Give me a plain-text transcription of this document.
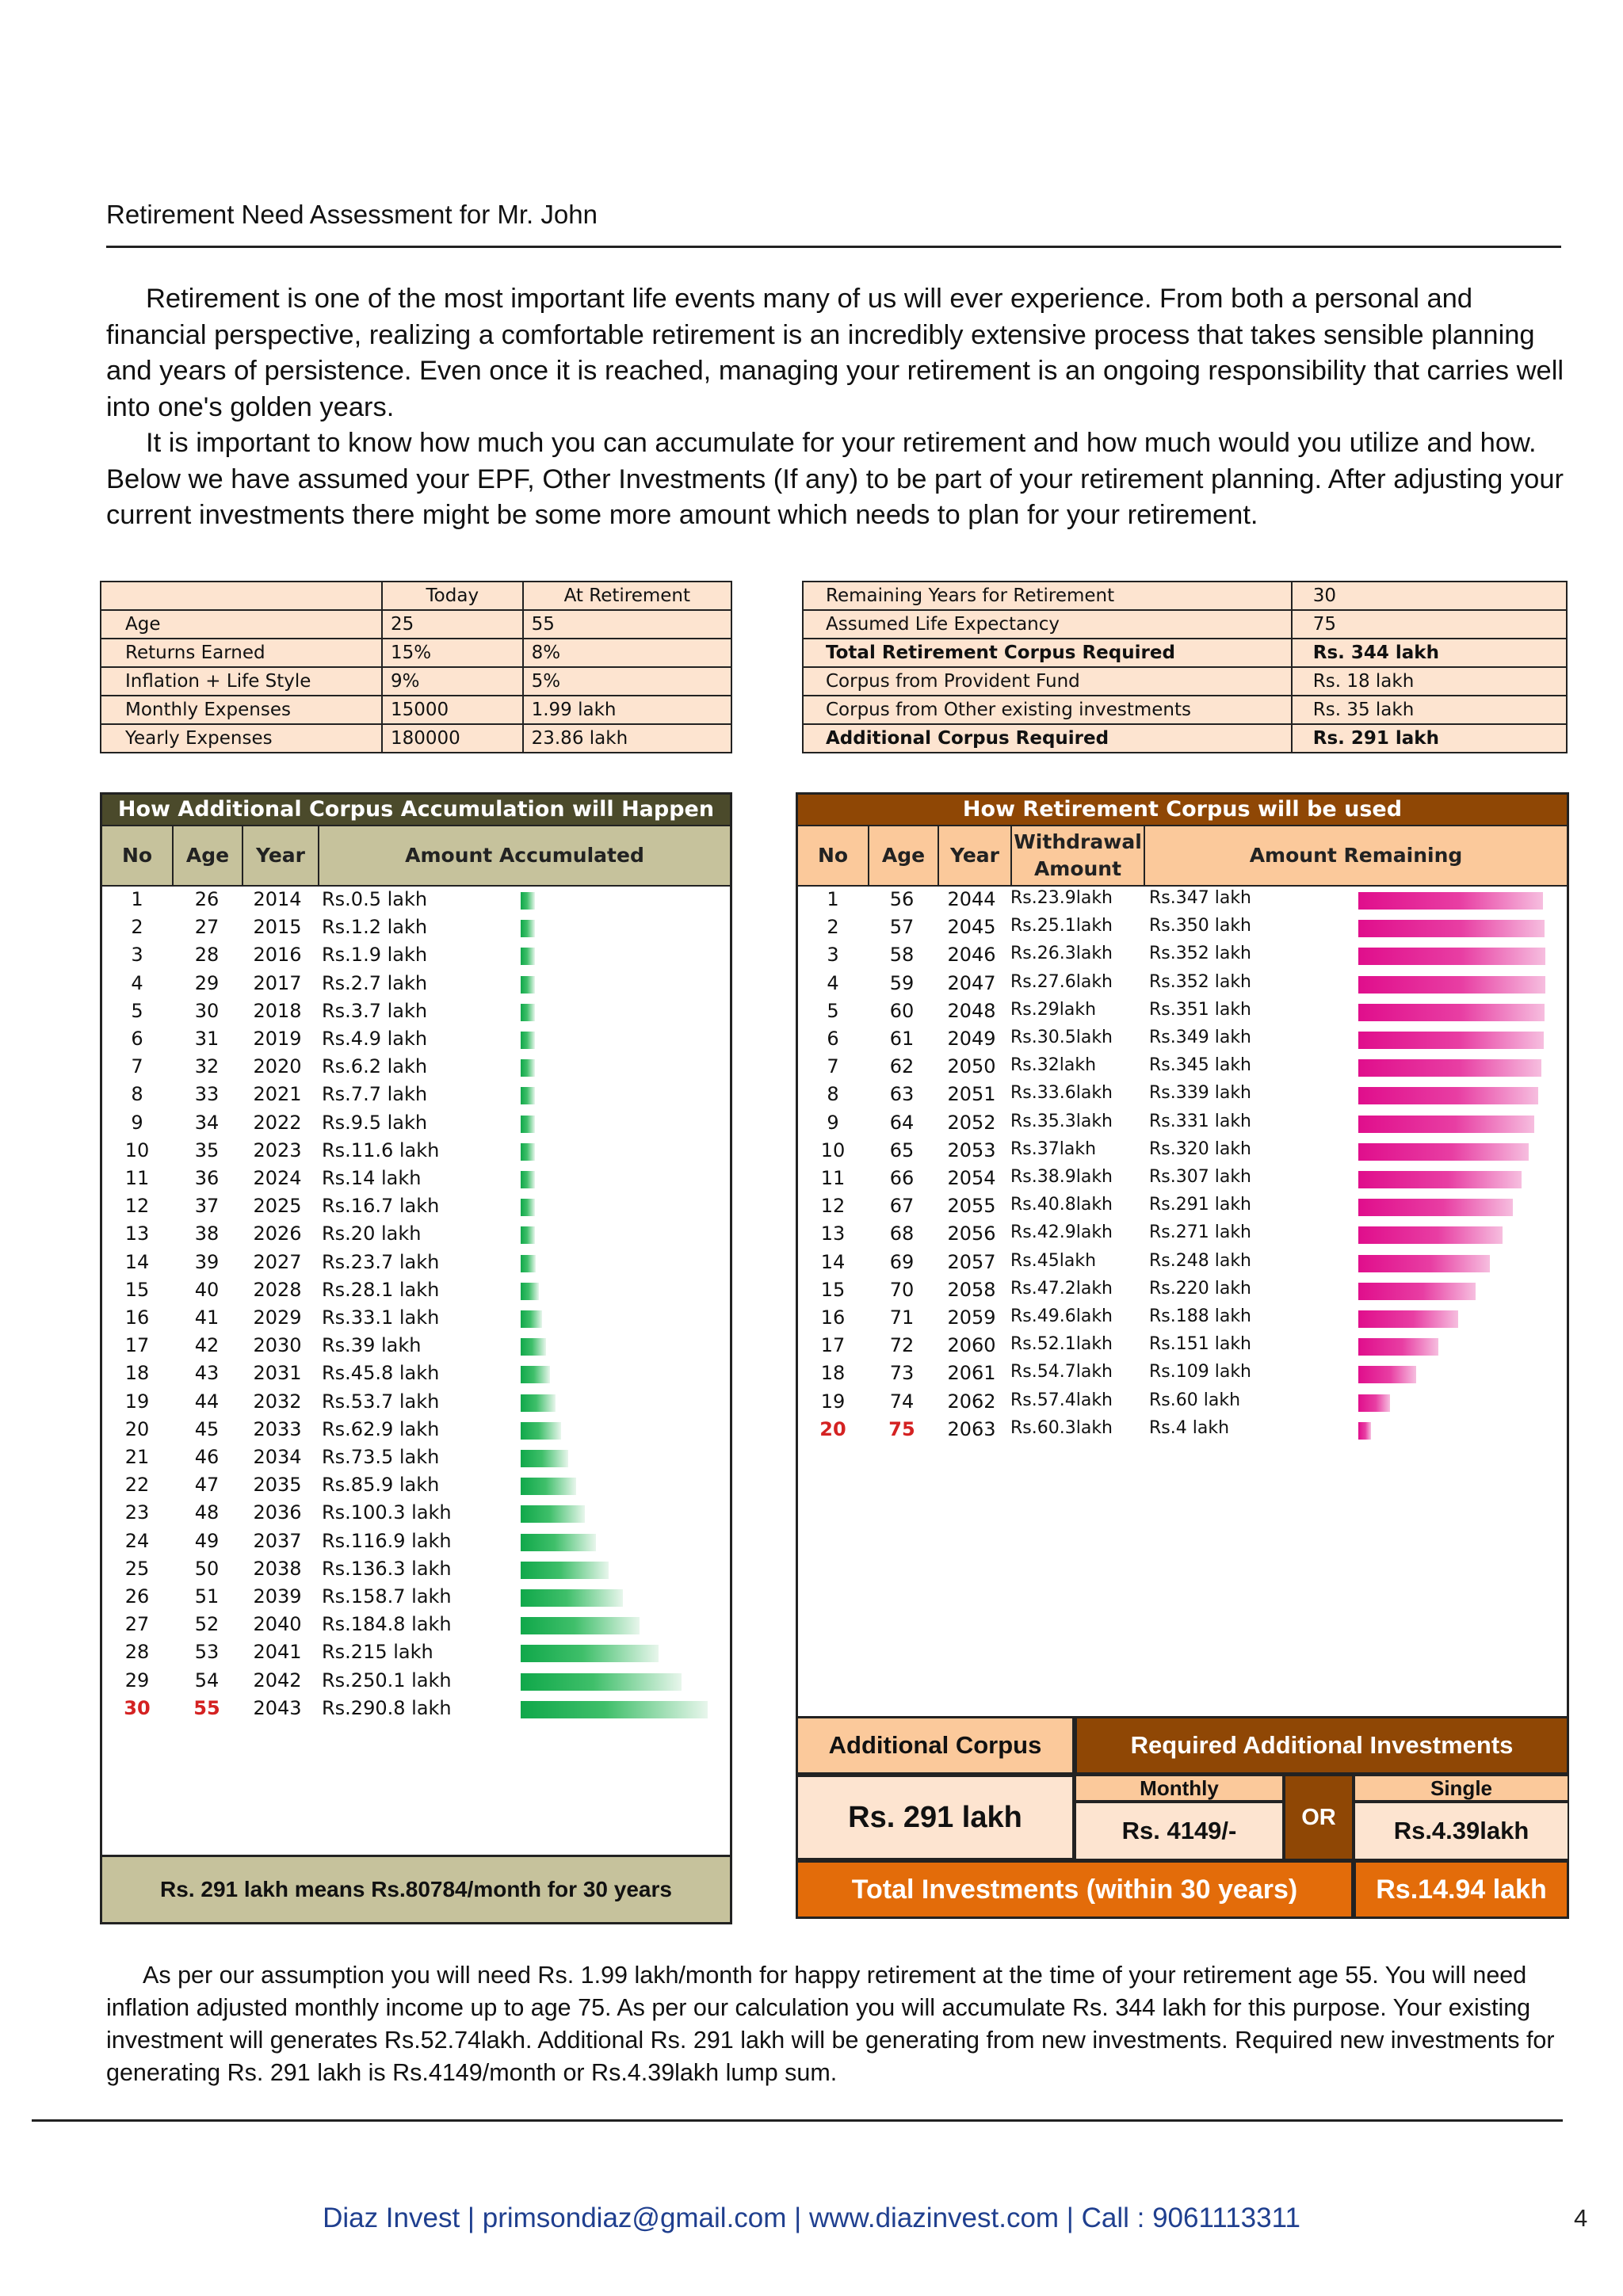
Retirement Need Assessment for Mr. John

Retirement is one of the most important life events many of us will ever experience. From both a personal and financial perspective, realizing a comfortable retirement is an incredibly extensive process that takes sensible planning and years of persistence. Even once it is reached, managing your retirement is an ongoing responsibility that carries well into one's golden years.

It is important to know how much you can accumulate for your retirement and how much would you utilize and how. Below we have assumed your EPF, Other Investments (If any) to be part of your retirement planning. After adjusting your current investments there might be some more amount which needs to plan for your retirement.

	Today	At Retirement
Age	25	55
Returns Earned	15%	8%
Inflation + Life Style	9%	5%
Monthly Expenses	15000	1.99 lakh
Yearly Expenses	180000	23.86 lakh
Remaining Years for Retirement	30
Assumed Life Expectancy	75
Total Retirement Corpus Required	Rs. 344 lakh
Corpus from Provident Fund	Rs. 18 lakh
Corpus from Other existing investments	Rs. 35 lakh
Additional Corpus Required	Rs. 291 lakh
How Additional Corpus Accumulation will Happen
No	Age	Year	Amount Accumulated
1	26	2014	Rs.0.5 lakh
2	27	2015	Rs.1.2 lakh
3	28	2016	Rs.1.9 lakh
4	29	2017	Rs.2.7 lakh
5	30	2018	Rs.3.7 lakh
6	31	2019	Rs.4.9 lakh
7	32	2020	Rs.6.2 lakh
8	33	2021	Rs.7.7 lakh
9	34	2022	Rs.9.5 lakh
10	35	2023	Rs.11.6 lakh
11	36	2024	Rs.14 lakh
12	37	2025	Rs.16.7 lakh
13	38	2026	Rs.20 lakh
14	39	2027	Rs.23.7 lakh
15	40	2028	Rs.28.1 lakh
16	41	2029	Rs.33.1 lakh
17	42	2030	Rs.39 lakh
18	43	2031	Rs.45.8 lakh
19	44	2032	Rs.53.7 lakh
20	45	2033	Rs.62.9 lakh
21	46	2034	Rs.73.5 lakh
22	47	2035	Rs.85.9 lakh
23	48	2036	Rs.100.3 lakh
24	49	2037	Rs.116.9 lakh
25	50	2038	Rs.136.3 lakh
26	51	2039	Rs.158.7 lakh
27	52	2040	Rs.184.8 lakh
28	53	2041	Rs.215 lakh
29	54	2042	Rs.250.1 lakh
30	55	2043	Rs.290.8 lakh
Rs. 291 lakh means Rs.80784/month for 30 years
How Retirement Corpus will be used
No	Age	Year
Withdrawal Amount
Amount Remaining
1	56	2044 Rs.23.9lakh Rs.347 lakh
2	57	2045 Rs.25.1lakh Rs.350 lakh
3	58	2046 Rs.26.3lakh Rs.352 lakh
4	59	2047 Rs.27.6lakh Rs.352 lakh
5	60	2048 Rs.29lakh	Rs.351 lakh
6	61	2049 Rs.30.5lakh Rs.349 lakh
7	62	2050 Rs.32lakh	Rs.345 lakh
8	63	2051 Rs.33.6lakh Rs.339 lakh
9	64	2052 Rs.35.3lakh Rs.331 lakh
10	65	2053 Rs.37lakh	Rs.320 lakh
11	66	2054 Rs.38.9lakh Rs.307 lakh
12	67	2055 Rs.40.8lakh Rs.291 lakh
13	68	2056 Rs.42.9lakh Rs.271 lakh
14	69	2057 Rs.45lakh	Rs.248 lakh
15	70	2058 Rs.47.2lakh Rs.220 lakh
16	71	2059 Rs.49.6lakh Rs.188 lakh
17	72	2060 Rs.52.1lakh Rs.151 lakh
18	73	2061 Rs.54.7lakh Rs.109 lakh
19	74	2062 Rs.57.4lakh Rs.60 lakh
20	75	2063 Rs.60.3lakh Rs.4 lakh
Additional Corpus	Required Additional Investments
Rs. 291 lakh
Monthly
Rs. 4149/-	OR
Single
Rs.4.39lakh
Total Investments (within 30 years)	Rs.14.94 lakh

As per our assumption you will need Rs. 1.99 lakh/month for happy retirement at the time of your retirement age 55. You will need inflation adjusted monthly income up to age 75. As per our calculation you will accumulate Rs. 344 lakh for this purpose. Your existing investment will generates Rs.52.74lakh. Additional Rs. 291 lakh will be generating from new investments. Required new investments for generating Rs. 291 lakh is Rs.4149/month or Rs.4.39lakh lump sum.

Diaz Invest | primsondiaz@gmail.com | www.diazinvest.com | Call : 9061113311	4
